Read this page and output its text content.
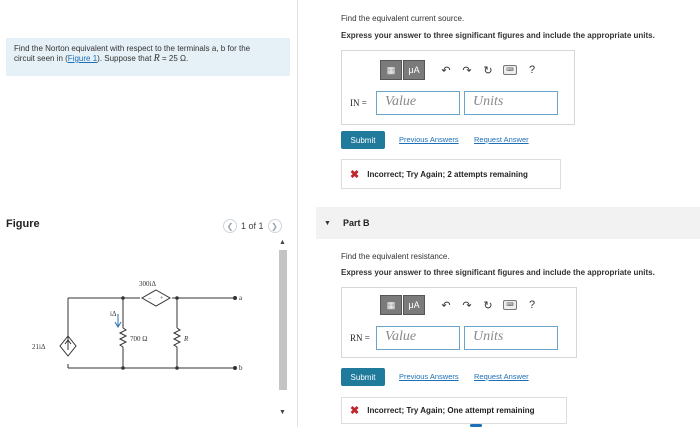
Find the Norton equivalent with respect to the terminals a, b for the
circuit seen in (Figure 1). Suppose that R = 25 Ω.
Figure	❮ 1 of 1 ❯
21iΔ
300iΔ
+
−
iΔ
700 Ω	R
a
b
▲
▼
Find the equivalent current source.
Express your answer to three significant figures and include the appropriate units.
▦	μA	↶ ↷ ↻	⌨	?
IN =	Value	Units
Submit	Previous Answers Request Answer
✖ Incorrect; Try Again; 2 attempts remaining
▼ Part B
Find the equivalent resistance.
Express your answer to three significant figures and include the appropriate units.
▦	μA	↶ ↷ ↻	⌨	?
RN =	Value	Units
Submit	Previous Answers Request Answer
✖ Incorrect; Try Again; One attempt remaining
